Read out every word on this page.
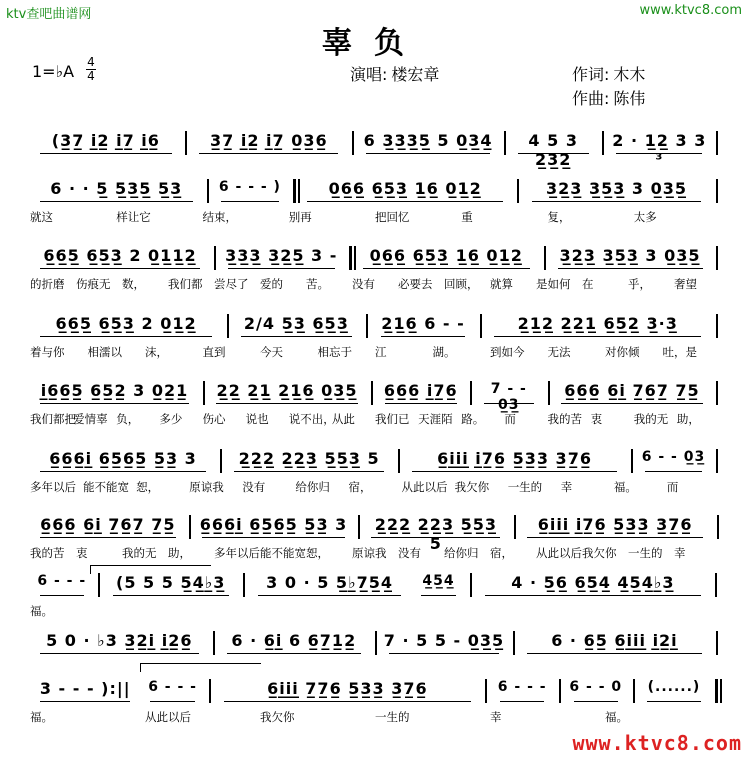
ktv查吧曲谱网	www.ktvc8.com
辜负
1=♭A	4
4	演唱: 楼宏章	作词: 木木
作曲: 陈伟
(3̲7̲ i̲2̲ i̲7̲ i̲6̲	3̲7̲ i̲2̲ i̲7̲ 0̲3̲6̲	6 3̲3̲3̲5̲ 5 0̲3̲4̲	4 5 3 2̲3̲2̲
2 · 1̲2̲ 3 3 ³
6 · · 5̲ 5̲3̲5̲ 5̲3̲	6 - - - )	0̲6̲6̲ 6̲5̲3̲ 1̲6̲ 0̲1̲2̲	3̲2̲3̲ 3̲5̲3̲ 3 0̲3̲5̲
就这	样让它	结束，	别再	把回忆	重	复，	太多
6̲6̲5̲ 6̲5̲3̲ 2 0̲1̲1̲2̲	3̲3̲3̲ 3̲2̲5̲ 3 -	0̲6̲6̲ 6̲5̲3̲ 1̲6̲ 0̲1̲2̲	3̲2̲3̲ 3̲5̲3̲ 3 0̲3̲5̲
的折磨 伤痕无 数， 我们都 尝尽了 爱的 苦。 没有 必要去 回顾， 就算 是如何 在	乎， 奢望
6̲6̲5̲ 6̲5̲3̲ 2 0̲1̲2̲	2/4 5̲3̲ 6̲5̲3̲	2̲1̲6̲ 6 - -	2̲1̲2̲ 2̲2̲1̲ 6̲5̲2̲ 3̲·3̲
着与你 相濡以 沫，	直到	今天	相忘于 江	湖。	到如今 无法	对你倾 吐，是
i̲6̲6̲5̲ 6̲5̲2̲ 3 0̲2̲1̲	2̲2̲ 2̲1̲ 2̲1̲6̲ 0̲3̲5̲	6̲6̲6̲ i̲7̲6̲	7 - - 0̲3̲
6̲6̲6̲ 6̲i̲ 7̲6̲7̲ 7̲5̲
我们都把
爱情辜 负， 多少 伤心 说也 说不出，
从此 我们已 天涯陌 路。 而	我的苦 衷	我的无 助，
6̲6̲6̲i̲ 6̲5̲6̲5̲ 5̲3̲ 3	2̲2̲2̲ 2̲2̲3̲ 5̲5̲3̲ 5	6̲i̲i̲i̲ i̲7̲6̲ 5̲3̲3̲ 3̲7̲6̲	6 - - 0̲3̲
多年以后 能不能宽 恕，	原谅我 没有	给你归 宿，	从此以后 我欠你 一生的 幸	福。	而
6̲6̲6̲ 6̲i̲ 7̲6̲7̲ 7̲5̲	6̲6̲6̲i̲ 6̲5̲6̲5̲ 5̲3̲ 3	2̲2̲2̲ 2̲2̲3̲ 5̲5̲3̲ 5
6̲i̲i̲i̲ i̲7̲6̲ 5̲3̲3̲ 3̲7̲6̲
我的苦 衷	我的无 助， 多年以后 能不能宽 恕， 原谅我 没有 给你归 宿， 从此以后 我欠你 一生的 幸
6 - - -	(5 5 5 5̲4̲♭̲3̲	3 0 · 5 5̲♭̲7̲5̲4̲	4̲5̲4̲	4 · 5̲6̲ 6̲5̲4̲ 4̲5̲4̲♭̲3̲
福。
5 0 · ♭3 3̲2̲i̲ i̲2̲6̲	6 · 6̲i̲ 6 6̲7̲1̲2̲	7 · 5 5 - 0̲3̲5̲	6 · 6̲5̲ 6̲i̲i̲i̲ i̲2̲i̲
3 - - - ):||	6 - - -	6̲i̲i̲i̲ 7̲7̲6̲ 5̲3̲3̲ 3̲7̲6̲	6 - - - 6 - - 0	(......)
福。	从此以后	我欠你	一生的	幸	福。
www.ktvc8.com
